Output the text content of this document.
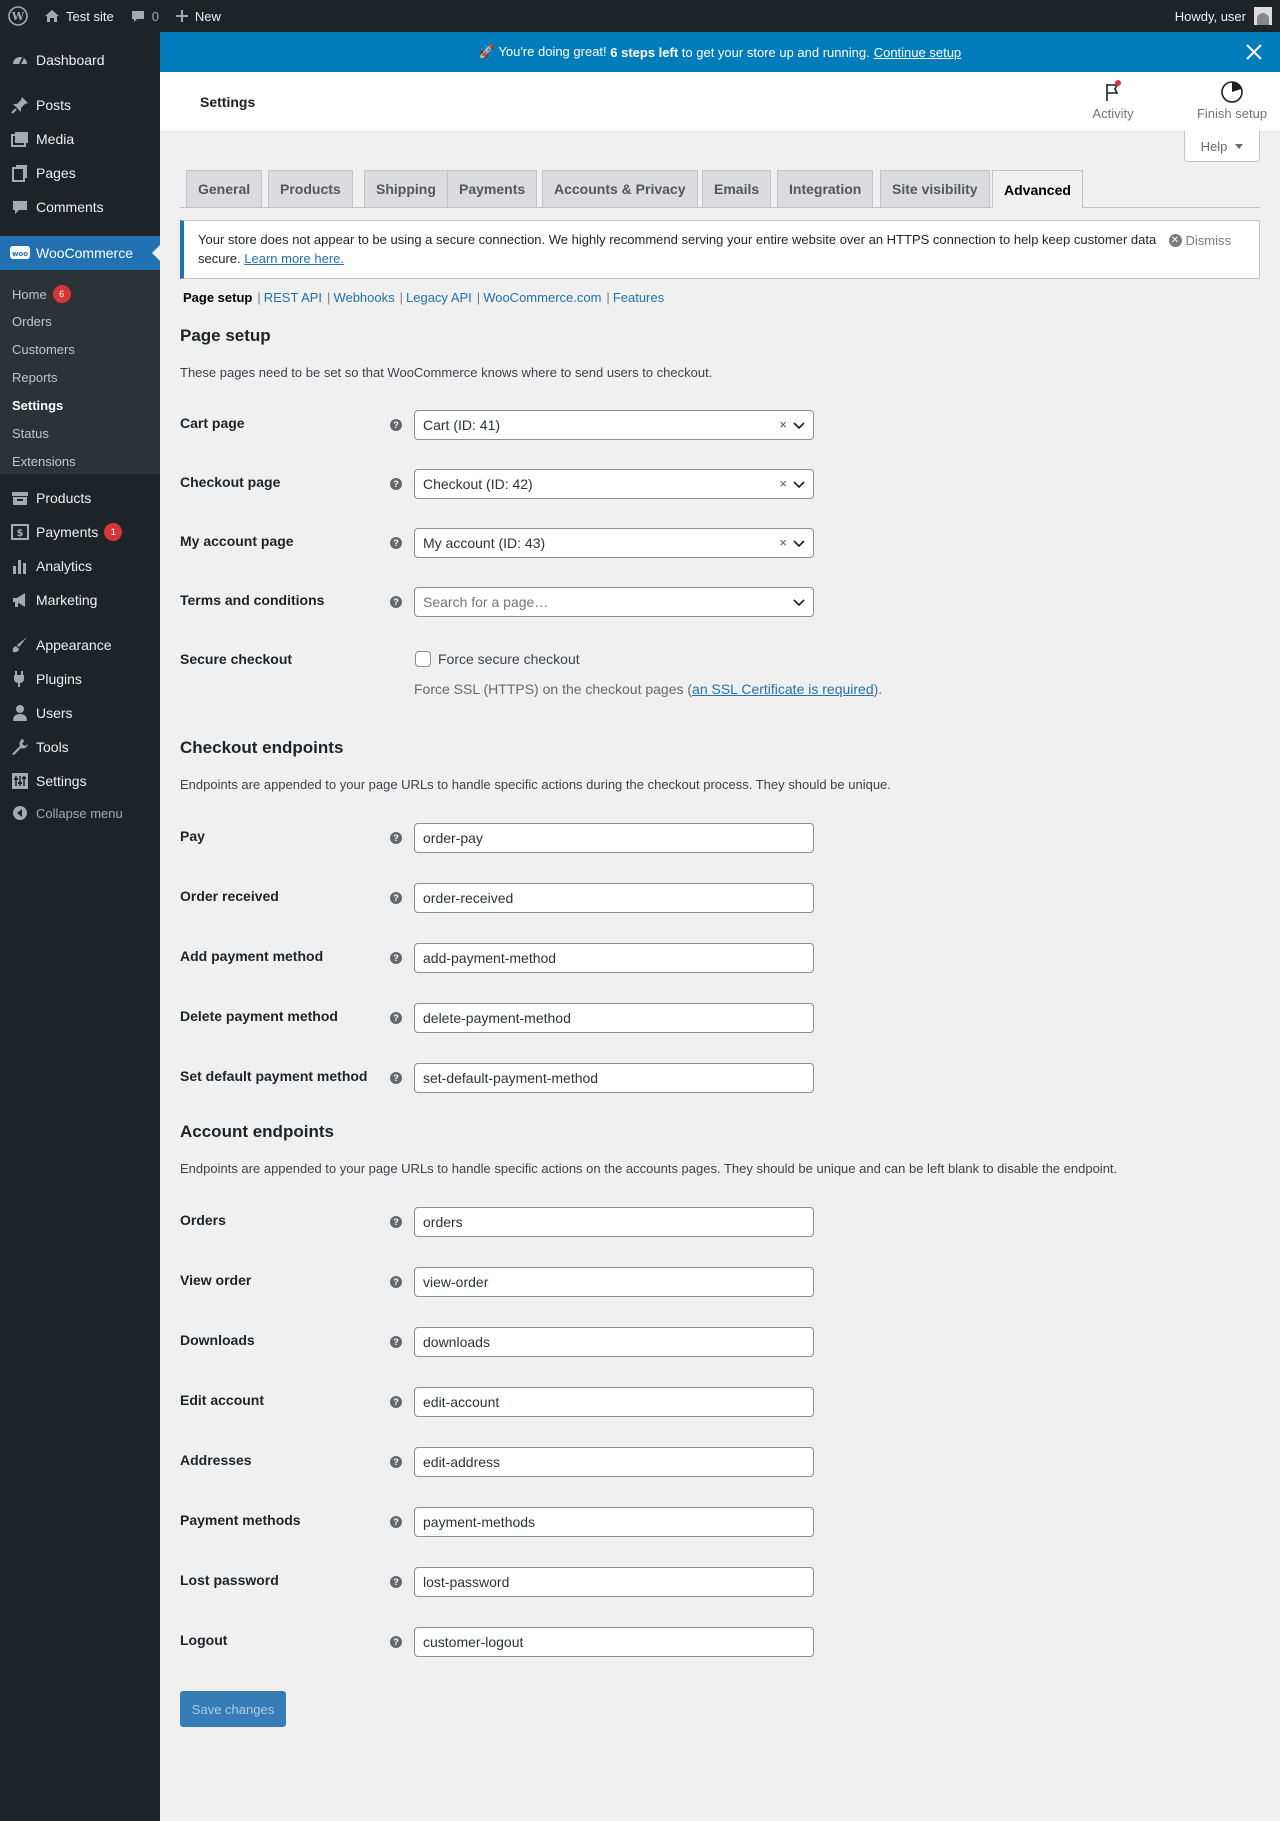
W	Test site	0	New	Howdy, user
Dashboard
Posts
Media
Pages
Comments
woo WooCommerce
Home	6
Orders
Customers
Reports
Settings
Status
Extensions
Products
$ Payments	1
Analytics
Marketing
Appearance
Plugins
Users
Tools
Settings
Collapse menu
🚀 You're doing great! 6 steps left to get your store up and running. Continue setup
Settings
Activity	Finish setup
Help
General	Products	Shipping	Payments	Accounts & Privacy	Emails	Integration	Site visibility	Advanced
Your store does not appear to be using a secure connection. We highly recommend serving your entire website over an HTTPS connection to help keep customer data secure. Learn more here.
✕ Dismiss
Page setup | REST API | Webhooks | Legacy API | WooCommerce.com | Features
Page setup

These pages need to be set so that WooCommerce knows where to send users to checkout.

Cart page	? Cart (ID: 41)	×
Checkout page	? Checkout (ID: 42)	×
My account page	? My account (ID: 43)	×
Terms and conditions	? Search for a page…
Secure checkout	Force secure checkout
Force SSL (HTTPS) on the checkout pages (an SSL Certificate is required).
Checkout endpoints

Endpoints are appended to your page URLs to handle specific actions during the checkout process. They should be unique.

Pay	? order-pay
Order received	? order-received
Add payment method	? add-payment-method
Delete payment method	? delete-payment-method
Set default payment method	? set-default-payment-method
Account endpoints

Endpoints are appended to your page URLs to handle specific actions on the accounts pages. They should be unique and can be left blank to disable the endpoint.

Orders	? orders
View order	? view-order
Downloads	? downloads
Edit account	? edit-account
Addresses	? edit-address
Payment methods	? payment-methods
Lost password	? lost-password
Logout	? customer-logout
Save changes
